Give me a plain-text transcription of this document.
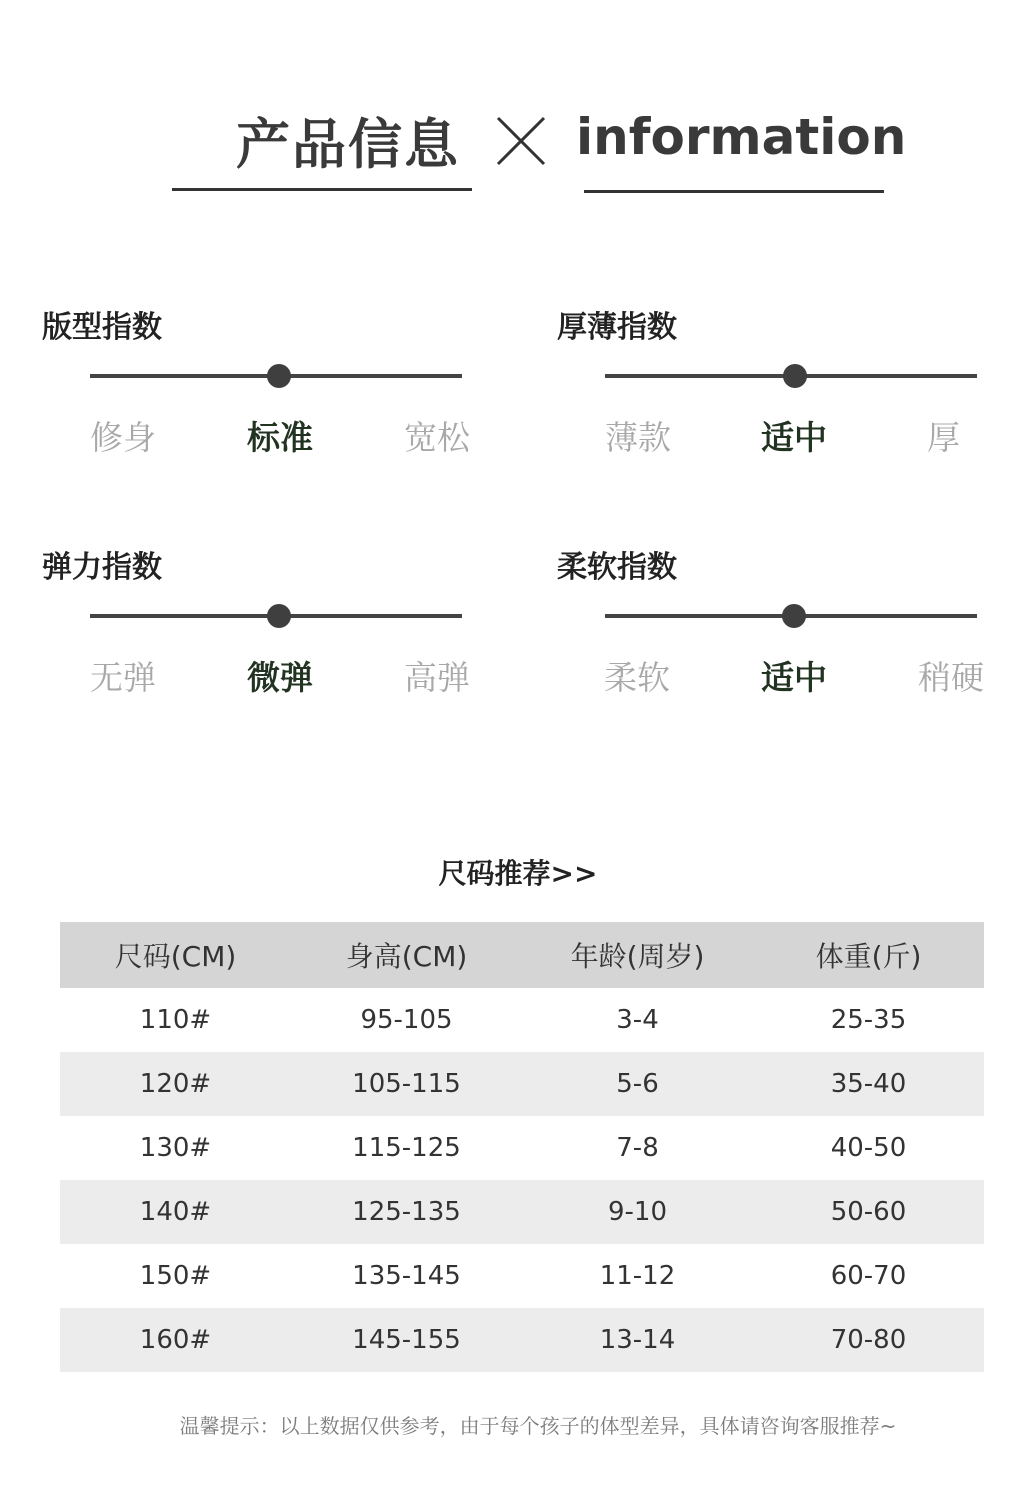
产品信息 information
版型指数
修身	标准	宽松
厚薄指数
薄款	适中	厚
弹力指数
无弹	微弹	高弹
柔软指数
柔软	适中	稍硬
尺码推荐>>
尺码(CM)	身高(CM)	年龄(周岁)	体重(斤)
110#	95-105	3-4	25-35
120#	105-115	5-6	35-40
130#	115-125	7-8	40-50
140#	125-135	9-10	50-60
150#	135-145	11-12	60-70
160#	145-155	13-14	70-80
温馨提示：以上数据仅供参考，由于每个孩子的体型差异，具体请咨询客服推荐~
